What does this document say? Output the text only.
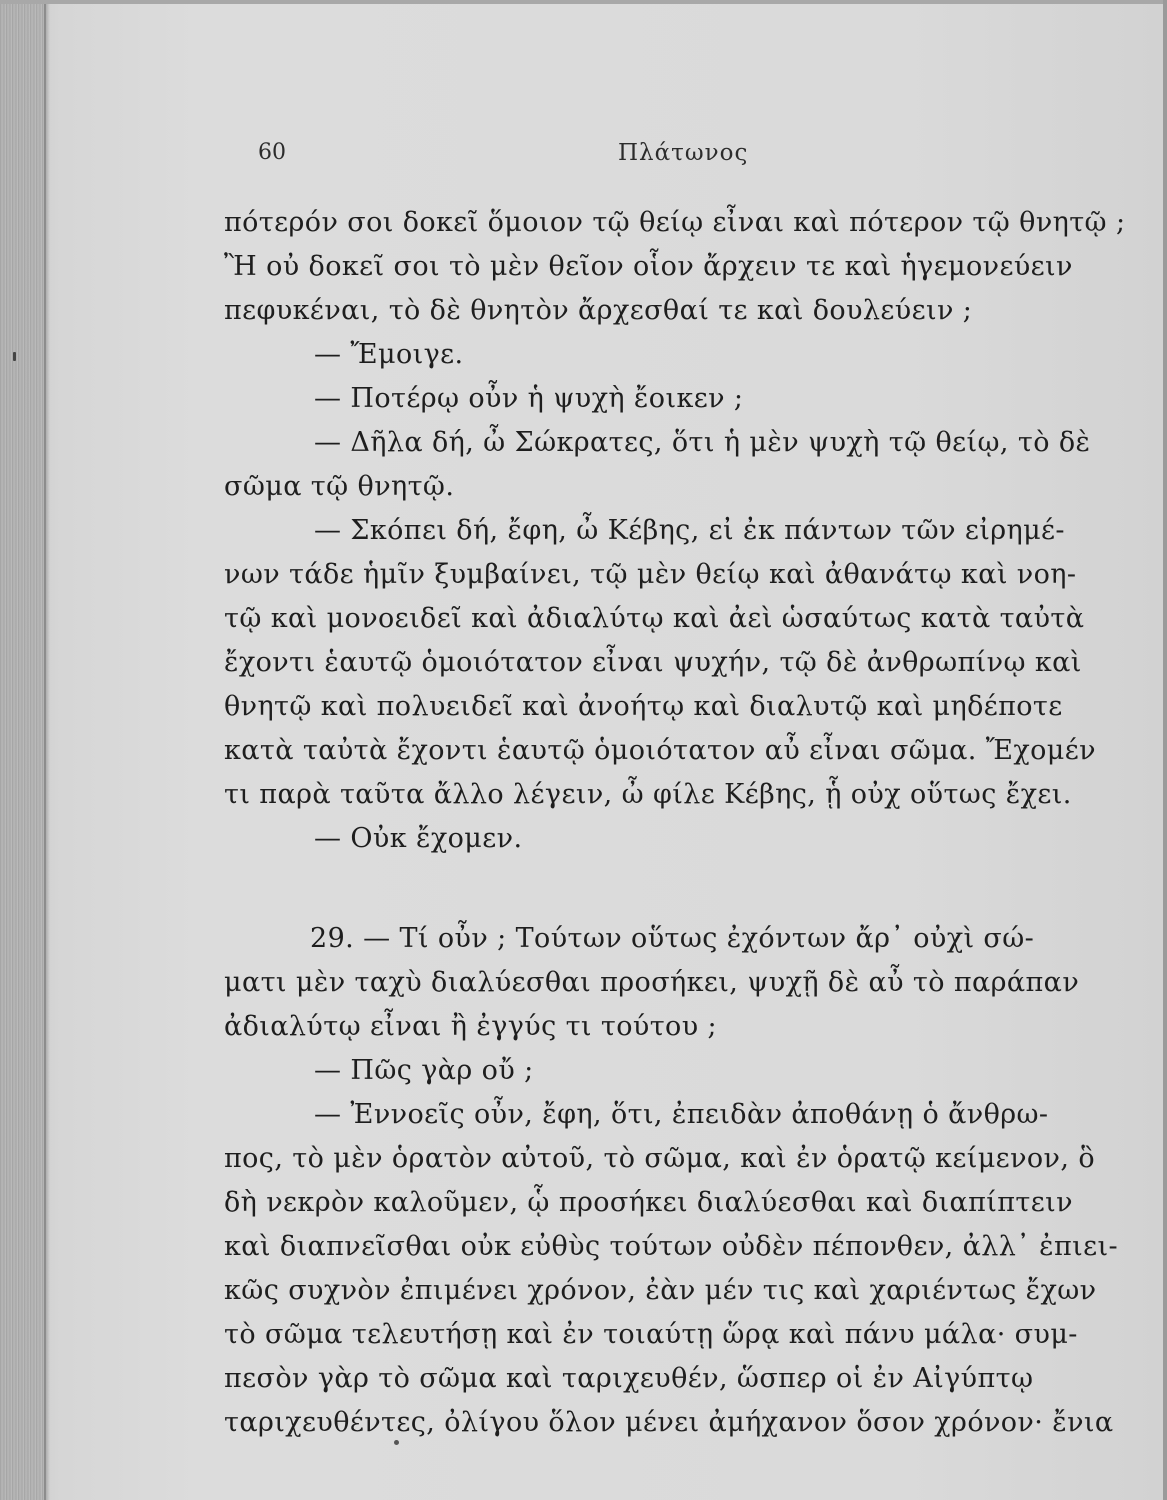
60	Πλάτωνος
πότερόν σοι δοκεῖ ὅμοιον τῷ θείῳ εἶναι καὶ πότερον τῷ θνητῷ ;
Ἢ οὐ δοκεῖ σοι τὸ μὲν θεῖον οἷον ἄρχειν τε καὶ ἡγεμονεύειν
πεφυκέναι, τὸ δὲ θνητὸν ἄρχεσθαί τε καὶ δουλεύειν ;
— Ἔμοιγε.
— Ποτέρῳ οὖν ἡ ψυχὴ ἔοικεν ;
— Δῆλα δή, ὦ Σώκρατες, ὅτι ἡ μὲν ψυχὴ τῷ θείῳ, τὸ δὲ
σῶμα τῷ θνητῷ.
— Σκόπει δή, ἔφη, ὦ Κέβης, εἰ ἐκ πάντων τῶν εἰρημέ-
νων τάδε ἡμῖν ξυμβαίνει, τῷ μὲν θείῳ καὶ ἀθανάτῳ καὶ νοη-
τῷ καὶ μονοειδεῖ καὶ ἀδιαλύτῳ καὶ ἀεὶ ὡσαύτως κατὰ ταὐτὰ
ἔχοντι ἑαυτῷ ὁμοιότατον εἶναι ψυχήν, τῷ δὲ ἀνθρωπίνῳ καὶ
θνητῷ καὶ πολυειδεῖ καὶ ἀνοήτῳ καὶ διαλυτῷ καὶ μηδέποτε
κατὰ ταὐτὰ ἔχοντι ἑαυτῷ ὁμοιότατον αὖ εἶναι σῶμα. Ἔχομέν
τι παρὰ ταῦτα ἄλλο λέγειν, ὦ φίλε Κέβης, ᾗ οὐχ οὕτως ἔχει.
— Οὐκ ἔχομεν.
29. — Τί οὖν ; Τούτων οὕτως ἐχόντων ἄρ᾽ οὐχὶ σώ-
ματι μὲν ταχὺ διαλύεσθαι προσήκει, ψυχῇ δὲ αὖ τὸ παράπαν
ἀδιαλύτῳ εἶναι ἢ ἐγγύς τι τούτου ;
— Πῶς γὰρ οὔ ;
— Ἐννοεῖς οὖν, ἔφη, ὅτι, ἐπειδὰν ἀποθάνῃ ὁ ἄνθρω-
πος, τὸ μὲν ὁρατὸν αὐτοῦ, τὸ σῶμα, καὶ ἐν ὁρατῷ κείμενον, ὃ
δὴ νεκρὸν καλοῦμεν, ᾧ προσήκει διαλύεσθαι καὶ διαπίπτειν
καὶ διαπνεῖσθαι οὐκ εὐθὺς τούτων οὐδὲν πέπονθεν, ἀλλ᾽ ἐπιει-
κῶς συχνὸν ἐπιμένει χρόνον, ἐὰν μέν τις καὶ χαριέντως ἔχων
τὸ σῶμα τελευτήσῃ καὶ ἐν τοιαύτῃ ὥρᾳ καὶ πάνυ μάλα· συμ-
πεσὸν γὰρ τὸ σῶμα καὶ ταριχευθέν, ὥσπερ οἱ ἐν Αἰγύπτῳ
ταριχευθέντες, ὀλίγου ὅλον μένει ἀμήχανον ὅσον χρόνον· ἔνια
